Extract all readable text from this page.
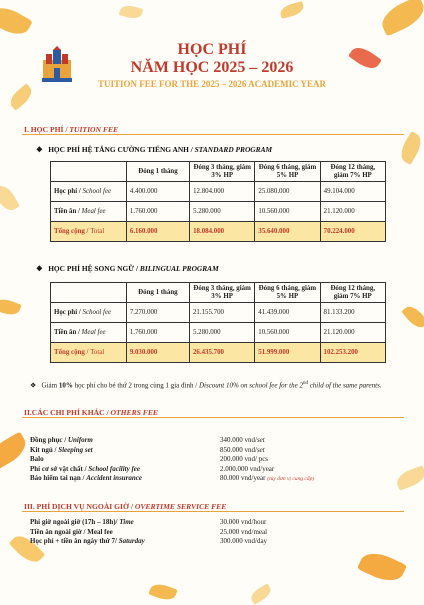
HỌC PHÍ
NĂM HỌC 2025 – 2026
TUITION FEE FOR THE 2025 – 2026 ACADEMIC YEAR
I. HỌC PHÍ / TUITION FEE
❖ HỌC PHÍ HỆ TĂNG CƯỜNG TIẾNG ANH / STANDARD PROGRAM
	Đóng 1 tháng	Đóng 3 tháng, giảm 3% HP	Đóng 6 tháng, giảm 5% HP	Đóng 12 tháng, giảm 7% HP
Học phí / School fee	4.400.000	12.804.000	25.080.000	49.104.000
Tiền ăn / Meal fee	1.760.000	5.280.000	10.560.000	21.120.000
Tổng cộng / Total	6.160.000	18.084.000	35.640.000	70.224.000
❖ HỌC PHÍ HỆ SONG NGỮ / BILINGUAL PROGRAM
	Đóng 1 tháng	Đóng 3 tháng, giảm 3% HP	Đóng 6 tháng, giảm 5% HP	Đóng 12 tháng, giảm 7% HP
Học phí / School fee	7.270.000	21.155.700	41.439.000	81.133.200
Tiền ăn / Meal fee	1.760.000	5.280.000	10.560.000	21.120.000
Tổng cộng / Total	9.030.000	26.435.700	51.999.000	102.253.200
❖ Giảm 10% học phí cho bé thứ 2 trong cùng 1 gia đình / Discount 10% on school fee for the 2nd child of the same parents.
II.CÁC CHI PHÍ KHÁC / OTHERS FEE
Đồng phục / Uniform	340.000 vnd/set
Kit ngủ / Sleeping set	850.000 vnd/set
Balo	200.000 vnd/ pcs
Phí cơ sở vật chất / School facility fee	2.000.000 vnd/year
Bảo hiểm tai nạn / Accident insurance	80.000 vnd/year (tùy đơn vị cung cấp)
III. PHÍ DỊCH VỤ NGOÀI GIỜ / OVERTIME SERVICE FEE
Phí giờ ngoài giờ (17h – 18h)/ Time	30.000 vnd/hour
Tiền ăn ngoài giờ / Meal fee	25.000 vnd/meal
Học phí + tiền ăn ngày thứ 7/ Saturday	300.000 vnd/day
